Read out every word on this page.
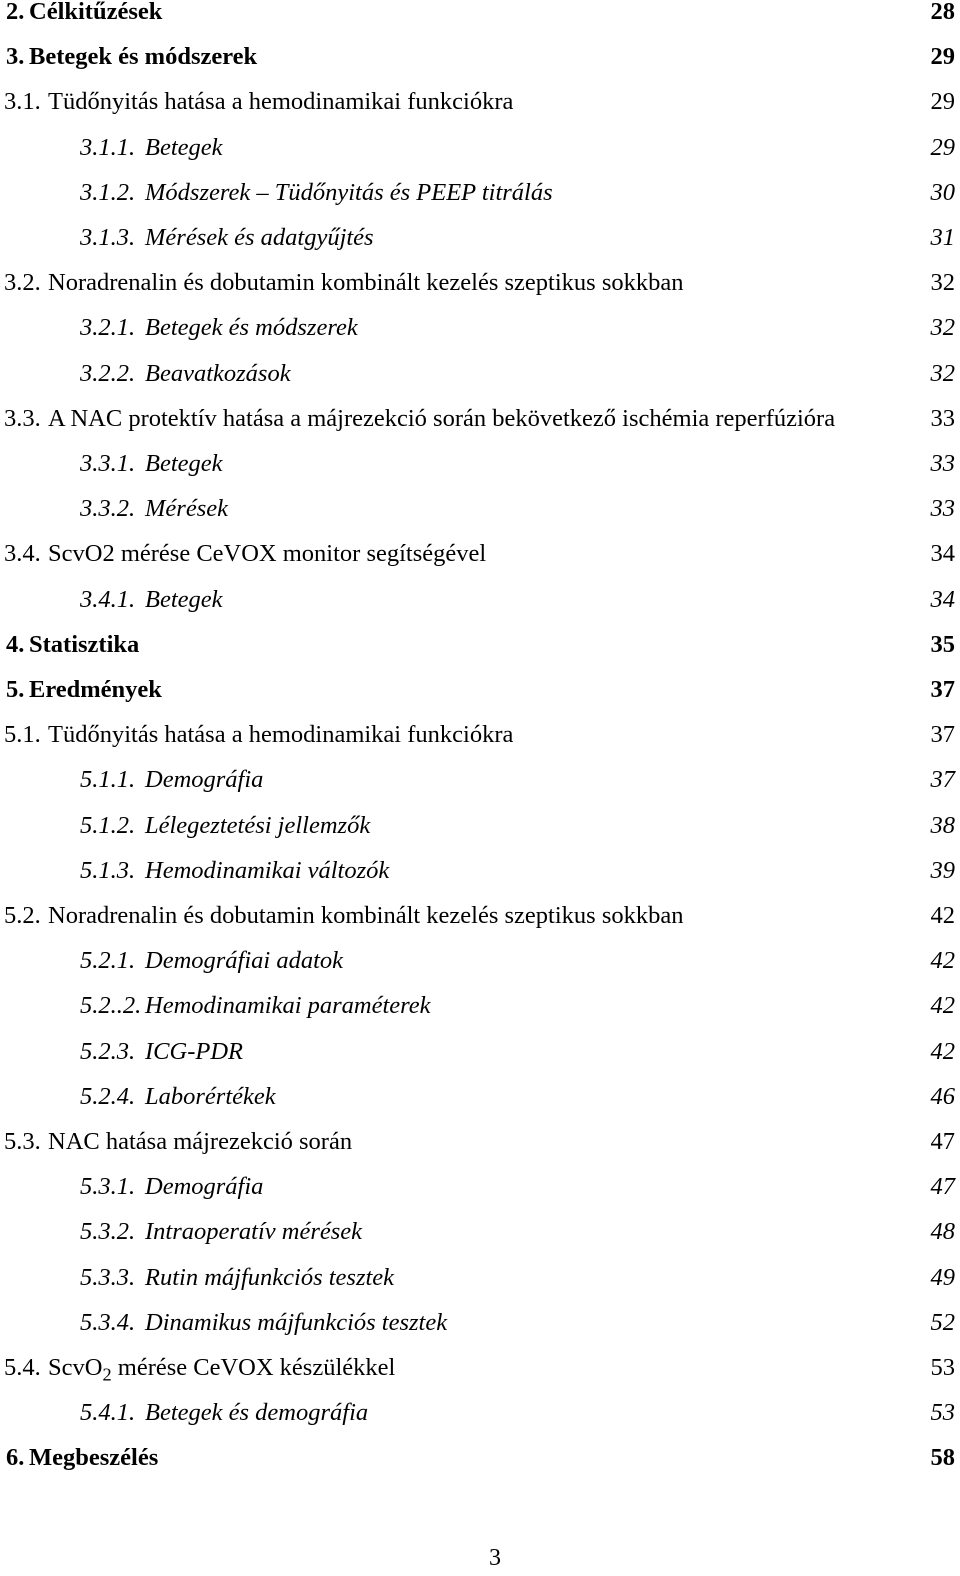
2. Célkitűzések	28
3. Betegek és módszerek	29
3.1. Tüdőnyitás hatása a hemodinamikai funkciókra	29
3.1.1. Betegek	29
3.1.2. Módszerek – Tüdőnyitás és PEEP titrálás	30
3.1.3. Mérések és adatgyűjtés	31
3.2. Noradrenalin és dobutamin kombinált kezelés szeptikus sokkban	32
3.2.1. Betegek és módszerek	32
3.2.2. Beavatkozások	32
3.3. A NAC protektív hatása a májrezekció során bekövetkező ischémia reperfúzióra	33
3.3.1. Betegek	33
3.3.2. Mérések	33
3.4. ScvO2 mérése CeVOX monitor segítségével	34
3.4.1. Betegek	34
4. Statisztika	35
5. Eredmények	37
5.1. Tüdőnyitás hatása a hemodinamikai funkciókra	37
5.1.1. Demográfia	37
5.1.2. Lélegeztetési jellemzők	38
5.1.3. Hemodinamikai változók	39
5.2. Noradrenalin és dobutamin kombinált kezelés szeptikus sokkban	42
5.2.1. Demográfiai adatok	42
5.2..2. Hemodinamikai paraméterek	42
5.2.3. ICG-PDR	42
5.2.4. Laborértékek	46
5.3. NAC hatása májrezekció során	47
5.3.1. Demográfia	47
5.3.2. Intraoperatív mérések	48
5.3.3. Rutin májfunkciós tesztek	49
5.3.4. Dinamikus májfunkciós tesztek	52
5.4. ScvO$_2$ mérése CeVOX készülékkel	53
5.4.1. Betegek és demográfia	53
6. Megbeszélés	58
3
